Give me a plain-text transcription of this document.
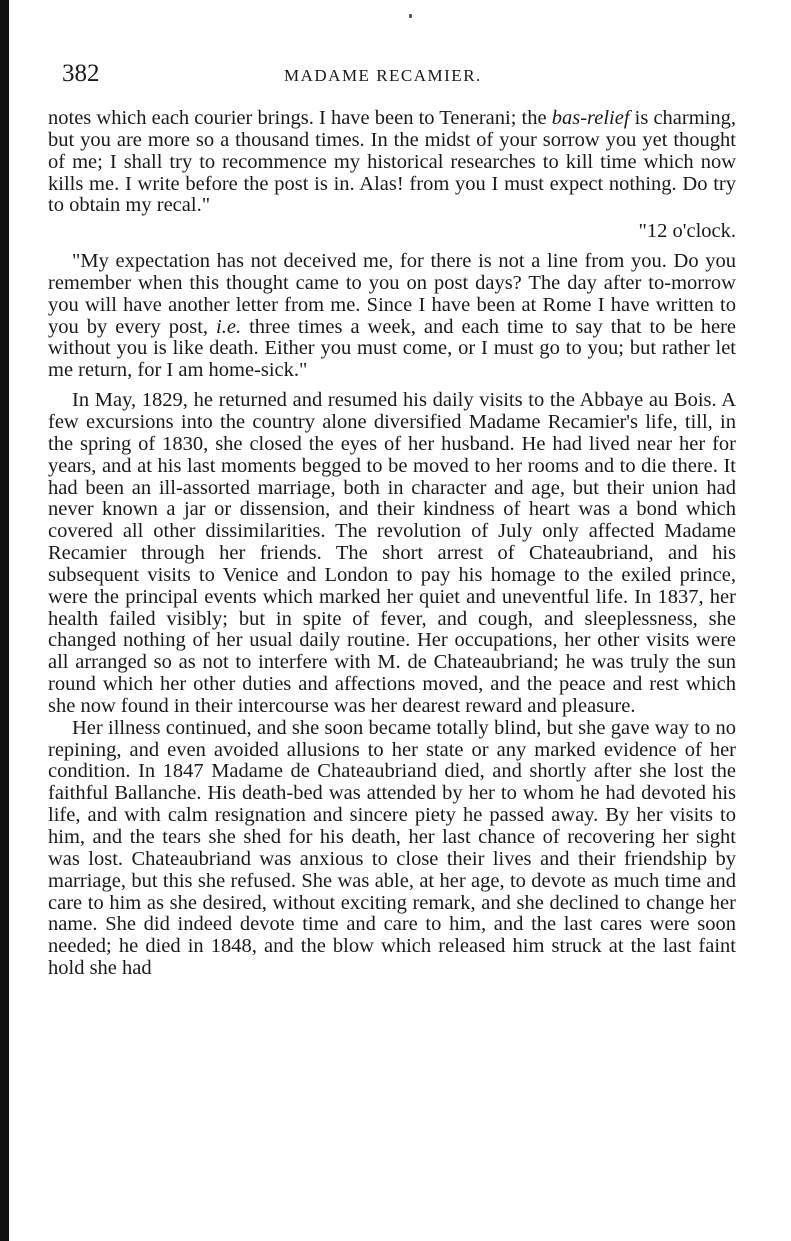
382	MADAME RECAMIER.

notes which each courier brings. I have been to Tenerani; the bas-relief is charming, but you are more so a thousand times. In the midst of your sorrow you yet thought of me; I shall try to recommence my historical researches to kill time which now kills me. I write before the post is in. Alas! from you I must expect nothing. Do try to obtain my recal."

"12 o'clock.

"My expectation has not deceived me, for there is not a line from you. Do you remember when this thought came to you on post days? The day after to-morrow you will have another letter from me. Since I have been at Rome I have written to you by every post, i.e. three times a week, and each time to say that to be here without you is like death. Either you must come, or I must go to you; but rather let me return, for I am home-sick."

In May, 1829, he returned and resumed his daily visits to the Abbaye au Bois. A few excursions into the country alone diversified Madame Recamier's life, till, in the spring of 1830, she closed the eyes of her husband. He had lived near her for years, and at his last moments begged to be moved to her rooms and to die there. It had been an ill-assorted marriage, both in character and age, but their union had never known a jar or dissension, and their kindness of heart was a bond which covered all other dissimilarities. The revolution of July only affected Madame Recamier through her friends. The short arrest of Chateaubriand, and his subsequent visits to Venice and London to pay his homage to the exiled prince, were the principal events which marked her quiet and uneventful life. In 1837, her health failed visibly; but in spite of fever, and cough, and sleeplessness, she changed nothing of her usual daily routine. Her occupations, her other visits were all arranged so as not to interfere with M. de Chateaubriand; he was truly the sun round which her other duties and affections moved, and the peace and rest which she now found in their intercourse was her dearest reward and pleasure.

Her illness continued, and she soon became totally blind, but she gave way to no repining, and even avoided allusions to her state or any marked evidence of her condition. In 1847 Madame de Chateaubriand died, and shortly after she lost the faithful Ballanche. His death-bed was attended by her to whom he had devoted his life, and with calm resignation and sincere piety he passed away. By her visits to him, and the tears she shed for his death, her last chance of recovering her sight was lost. Chateaubriand was anxious to close their lives and their friendship by marriage, but this she refused. She was able, at her age, to devote as much time and care to him as she desired, without exciting remark, and she declined to change her name. She did indeed devote time and care to him, and the last cares were soon needed; he died in 1848, and the blow which released him struck at the last faint hold she had
